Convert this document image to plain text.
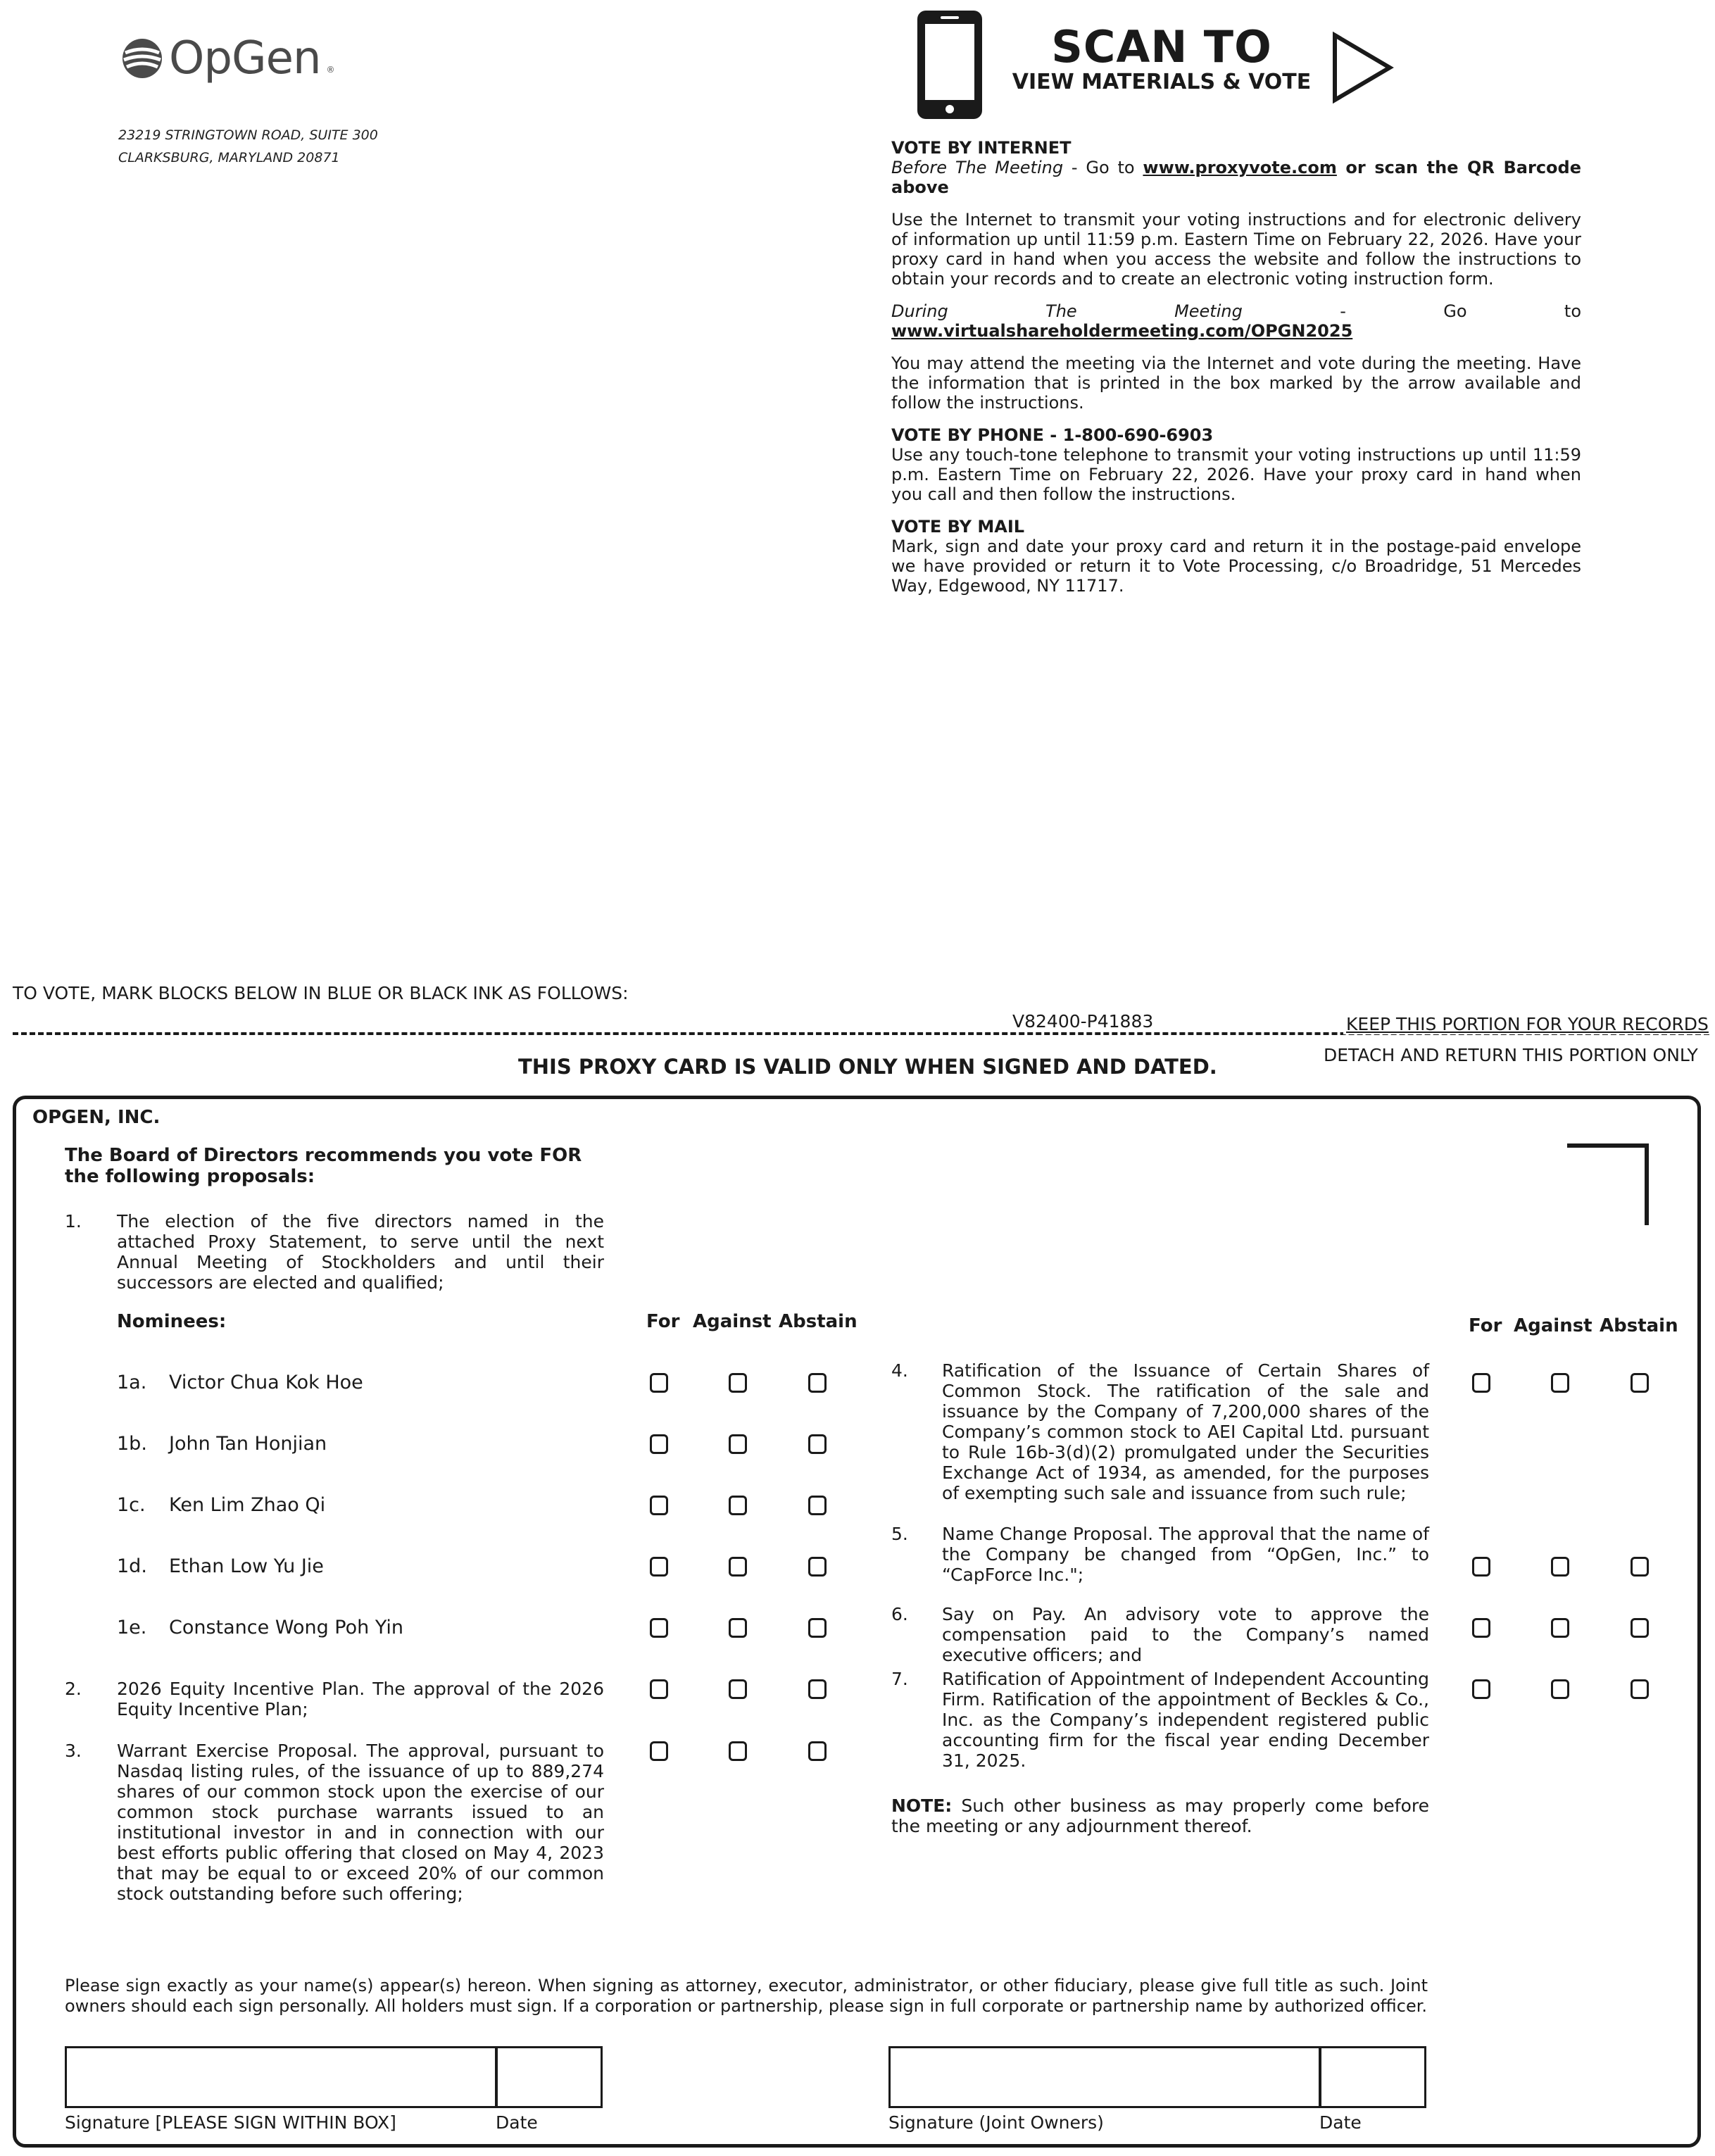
OpGen ®
23219 STRINGTOWN ROAD, SUITE 300
CLARKSBURG, MARYLAND 20871
SCAN TO
VIEW MATERIALS & VOTE

VOTE BY INTERNET

Before The Meeting - Go to www.proxyvote.com or scan the QR Barcode above

Use the Internet to transmit your voting instructions and for electronic delivery of information up until 11:59 p.m. Eastern Time on February 22, 2026. Have your proxy card in hand when you access the website and follow the instructions to obtain your records and to create an electronic voting instruction form.

During The Meeting - Go to www.virtualshareholdermeeting.com/OPGN2025

You may attend the meeting via the Internet and vote during the meeting. Have the information that is printed in the box marked by the arrow available and follow the instructions.

VOTE BY PHONE - 1-800-690-6903

Use any touch-tone telephone to transmit your voting instructions up until 11:59 p.m. Eastern Time on February 22, 2026. Have your proxy card in hand when you call and then follow the instructions.

VOTE BY MAIL

Mark, sign and date your proxy card and return it in the postage-paid envelope we have provided or return it to Vote Processing, c/o Broadridge, 51 Mercedes Way, Edgewood, NY 11717.

TO VOTE, MARK BLOCKS BELOW IN BLUE OR BLACK INK AS FOLLOWS:
V82400-P41883	KEEP THIS PORTION FOR YOUR RECORDS
DETACH AND RETURN THIS PORTION ONLY
THIS PROXY CARD IS VALID ONLY WHEN SIGNED AND DATED.
OPGEN, INC.
The Board of Directors recommends you vote FOR the following proposals:
1. The election of the five directors named in the attached Proxy Statement, to serve until the next Annual Meeting of Stockholders and until their successors are elected and qualified;
Nominees:	For Against Abstain
1a. Victor Chua Kok Hoe
1b. John Tan Honjian
1c. Ken Lim Zhao Qi
1d. Ethan Low Yu Jie
1e. Constance Wong Poh Yin
2. 2026 Equity Incentive Plan. The approval of the 2026 Equity Incentive Plan;
3. Warrant Exercise Proposal. The approval, pursuant to Nasdaq listing rules, of the issuance of up to 889,274 shares of our common stock upon the exercise of our common stock purchase warrants issued to an institutional investor in and in connection with our best efforts public offering that closed on May 4, 2023 that may be equal to or exceed 20% of our common stock outstanding before such offering;
For Against Abstain
4. Ratification of the Issuance of Certain Shares of Common Stock. The ratification of the sale and issuance by the Company of 7,200,000 shares of the Company’s common stock to AEI Capital Ltd. pursuant to Rule 16b-3(d)(2) promulgated under the Securities Exchange Act of 1934, as amended, for the purposes of exempting such sale and issuance from such rule;
5. Name Change Proposal. The approval that the name of the Company be changed from “OpGen, Inc.” to “CapForce Inc.";
6. Say on Pay. An advisory vote to approve the compensation paid to the Company’s named executive officers; and
7. Ratification of Appointment of Independent Accounting Firm. Ratification of the appointment of Beckles & Co., Inc. as the Company’s independent registered public accounting firm for the fiscal year ending December 31, 2025.
NOTE: Such other business as may properly come before the meeting or any adjournment thereof.
Please sign exactly as your name(s) appear(s) hereon. When signing as attorney, executor, administrator, or other fiduciary, please give full title as such. Joint owners should each sign personally. All holders must sign. If a corporation or partnership, please sign in full corporate or partnership name by authorized officer.
Signature [PLEASE SIGN WITHIN BOX]	Date	Signature (Joint Owners)	Date
